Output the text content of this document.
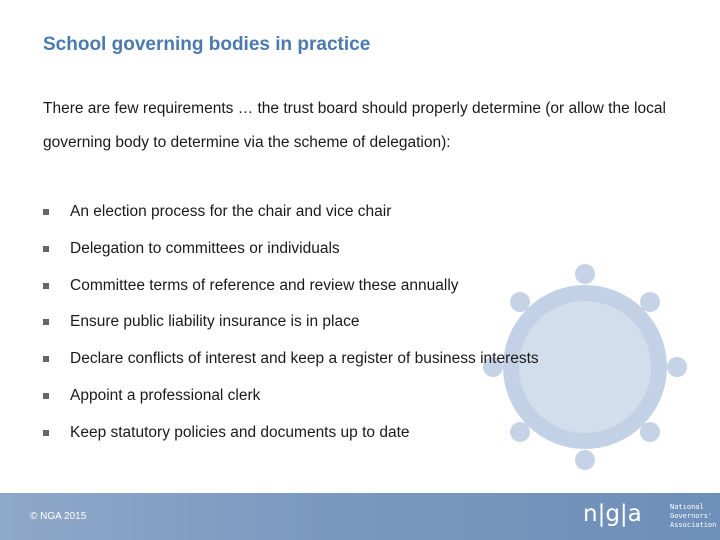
School governing bodies in practice
There are few requirements … the trust board should properly determine (or allow the local governing body to determine via the scheme of delegation):
An election process for the chair and vice chair
Delegation to committees or individuals
Committee terms of reference and review these annually
Ensure public liability insurance is in place
Declare conflicts of interest and keep a register of business interests
Appoint a professional clerk
Keep statutory policies and documents up to date
© NGA 2015	n|g|a	National
Governors'
Association
